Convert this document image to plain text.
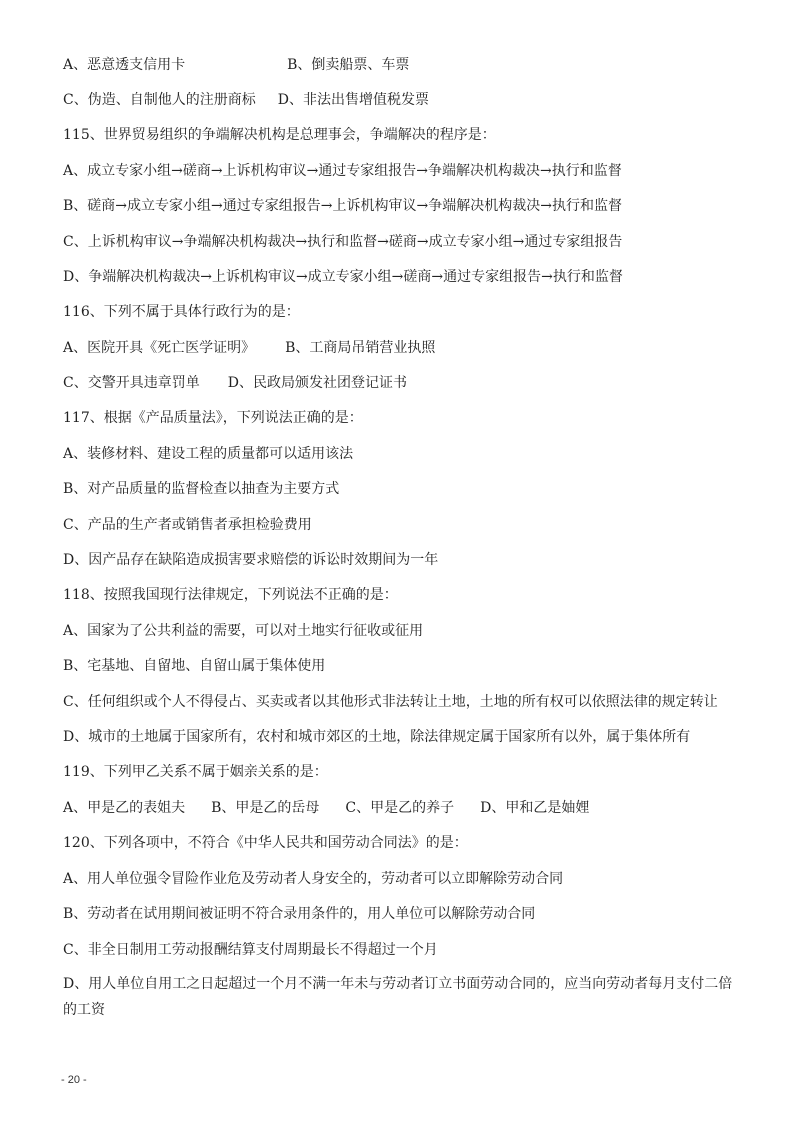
A、恶意透支信用卡	B、倒卖船票、车票
C、伪造、自制他人的注册商标 D、非法出售增值税发票
115、世界贸易组织的争端解决机构是总理事会，争端解决的程序是：
A、成立专家小组→磋商→上诉机构审议→通过专家组报告→争端解决机构裁决→执行和监督
B、磋商→成立专家小组→通过专家组报告→上诉机构审议→争端解决机构裁决→执行和监督
C、上诉机构审议→争端解决机构裁决→执行和监督→磋商→成立专家小组→通过专家组报告
D、争端解决机构裁决→上诉机构审议→成立专家小组→磋商→通过专家组报告→执行和监督
116、下列不属于具体行政行为的是：
A、医院开具《死亡医学证明》 B、工商局吊销营业执照
C、交警开具违章罚单 D、民政局颁发社团登记证书
117、根据《产品质量法》，下列说法正确的是：
A、装修材料、建设工程的质量都可以适用该法
B、对产品质量的监督检查以抽查为主要方式
C、产品的生产者或销售者承担检验费用
D、因产品存在缺陷造成损害要求赔偿的诉讼时效期间为一年
118、按照我国现行法律规定，下列说法不正确的是：
A、国家为了公共利益的需要，可以对土地实行征收或征用
B、宅基地、自留地、自留山属于集体使用
C、任何组织或个人不得侵占、买卖或者以其他形式非法转让土地，土地的所有权可以依照法律的规定转让
D、城市的土地属于国家所有，农村和城市郊区的土地，除法律规定属于国家所有以外，属于集体所有
119、下列甲乙关系不属于姻亲关系的是：
A、甲是乙的表姐夫 B、甲是乙的岳母 C、甲是乙的养子 D、甲和乙是妯娌
120、下列各项中，不符合《中华人民共和国劳动合同法》的是：
A、用人单位强令冒险作业危及劳动者人身安全的，劳动者可以立即解除劳动合同
B、劳动者在试用期间被证明不符合录用条件的，用人单位可以解除劳动合同
C、非全日制用工劳动报酬结算支付周期最长不得超过一个月
D、用人单位自用工之日起超过一个月不满一年未与劳动者订立书面劳动合同的，应当向劳动者每月支付二倍的工资
- 20 -
